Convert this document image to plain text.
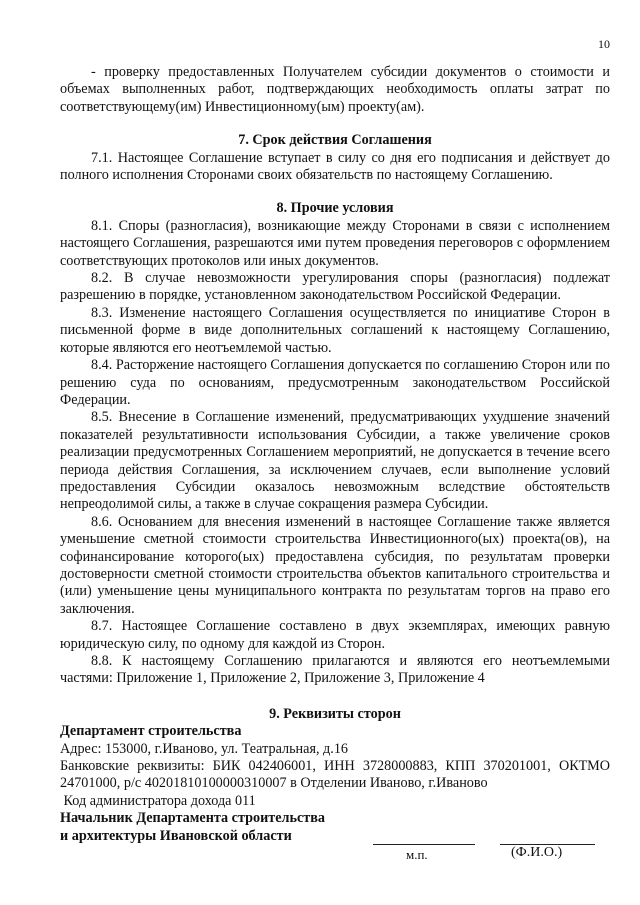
10

- проверку предоставленных Получателем субсидии документов о стоимости и объемах выполненных работ, подтверждающих необходимость оплаты затрат по соответствующему(им) Инвестиционному(ым) проекту(ам).

7. Срок действия Соглашения

7.1. Настоящее Соглашение вступает в силу со дня его подписания и действует до полного исполнения Сторонами своих обязательств по настоящему Соглашению.

8. Прочие условия

8.1. Споры (разногласия), возникающие между Сторонами в связи с исполнением настоящего Соглашения, разрешаются ими путем проведения переговоров с оформлением соответствующих протоколов или иных документов.

8.2. В случае невозможности урегулирования споры (разногласия) подлежат разрешению в порядке, установленном законодательством Российской Федерации.

8.3. Изменение настоящего Соглашения осуществляется по инициативе Сторон в письменной форме в виде дополнительных соглашений к настоящему Соглашению, которые являются его неотъемлемой частью.

8.4. Расторжение настоящего Соглашения допускается по соглашению Сторон или по решению суда по основаниям, предусмотренным законодательством Российской Федерации.

8.5. Внесение в Соглашение изменений, предусматривающих ухудшение значений показателей результативности использования Субсидии, а также увеличение сроков реализации предусмотренных Соглашением мероприятий, не допускается в течение всего периода действия Соглашения, за исключением случаев, если выполнение условий предоставления Субсидии оказалось невозможным вследствие обстоятельств непреодолимой силы, а также в случае сокращения размера Субсидии.

8.6. Основанием для внесения изменений в настоящее Соглашение также является уменьшение сметной стоимости строительства Инвестиционного(ых) проекта(ов), на софинансирование которого(ых) предоставлена субсидия, по результатам проверки достоверности сметной стоимости строительства объектов капитального строительства и (или) уменьшение цены муниципального контракта по результатам торгов на право его заключения.

8.7. Настоящее Соглашение составлено в двух экземплярах, имеющих равную юридическую силу, по одному для каждой из Сторон.

8.8. К настоящему Соглашению прилагаются и являются его неотъемлемыми частями: Приложение 1, Приложение 2, Приложение 3, Приложение 4

9. Реквизиты сторон

Департамент строительства

Адрес: 153000, г.Иваново, ул. Театральная, д.16

Банковские реквизиты: БИК 042406001, ИНН 3728000883, КПП 370201001, ОКТМО 24701000, р/с 40201810100000310007 в Отделении Иваново, г.Иваново

Код администратора дохода 011

Начальник Департамента строительства

и архитектуры Ивановской области
м.п.	(Ф.И.О.)
